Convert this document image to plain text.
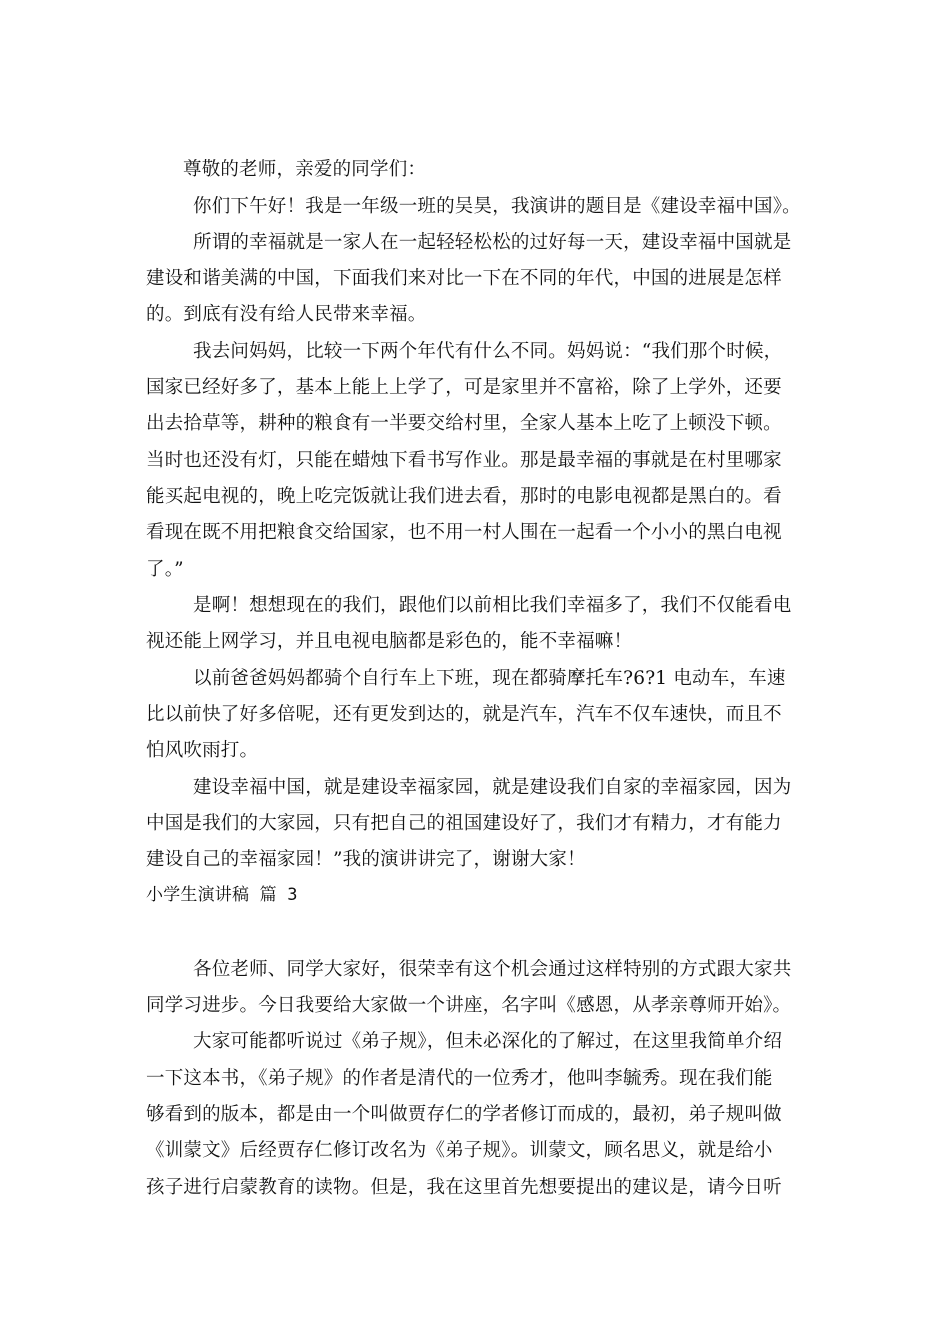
尊敬的老师，亲爱的同学们：
你们下午好！我是一年级一班的吴昊，我演讲的题目是《建设幸福中国》。
所谓的幸福就是一家人在一起轻轻松松的过好每一天，建设幸福中国就是
建设和谐美满的中国，下面我们来对比一下在不同的年代，中国的进展是怎样
的。到底有没有给人民带来幸福。
我去问妈妈，比较一下两个年代有什么不同。妈妈说：“我们那个时候，
国家已经好多了，基本上能上上学了，可是家里并不富裕，除了上学外，还要
出去拾草等，耕种的粮食有一半要交给村里，全家人基本上吃了上顿没下顿。
当时也还没有灯，只能在蜡烛下看书写作业。那是最幸福的事就是在村里哪家
能买起电视的，晚上吃完饭就让我们进去看，那时的电影电视都是黑白的。看
看现在既不用把粮食交给国家，也不用一村人围在一起看一个小小的黑白电视
了。”
是啊！想想现在的我们，跟他们以前相比我们幸福多了，我们不仅能看电
视还能上网学习，并且电视电脑都是彩色的，能不幸福嘛！
以前爸爸妈妈都骑个自行车上下班，现在都骑摩托车?6?1 电动车，车速
比以前快了好多倍呢，还有更发到达的，就是汽车，汽车不仅车速快，而且不
怕风吹雨打。
建设幸福中国，就是建设幸福家园，就是建设我们自家的幸福家园，因为
中国是我们的大家园，只有把自己的祖国建设好了，我们才有精力，才有能力
建设自己的幸福家园！”我的演讲讲完了，谢谢大家！
小学生演讲稿 篇 3
各位老师、同学大家好，很荣幸有这个机会通过这样特别的方式跟大家共
同学习进步。今日我要给大家做一个讲座，名字叫《感恩，从孝亲尊师开始》。
大家可能都听说过《弟子规》，但未必深化的了解过，在这里我简单介绍
一下这本书，《弟子规》的作者是清代的一位秀才，他叫李毓秀。现在我们能
够看到的版本，都是由一个叫做贾存仁的学者修订而成的，最初，弟子规叫做
《训蒙文》后经贾存仁修订改名为《弟子规》。训蒙文，顾名思义，就是给小
孩子进行启蒙教育的读物。但是，我在这里首先想要提出的建议是，请今日听
